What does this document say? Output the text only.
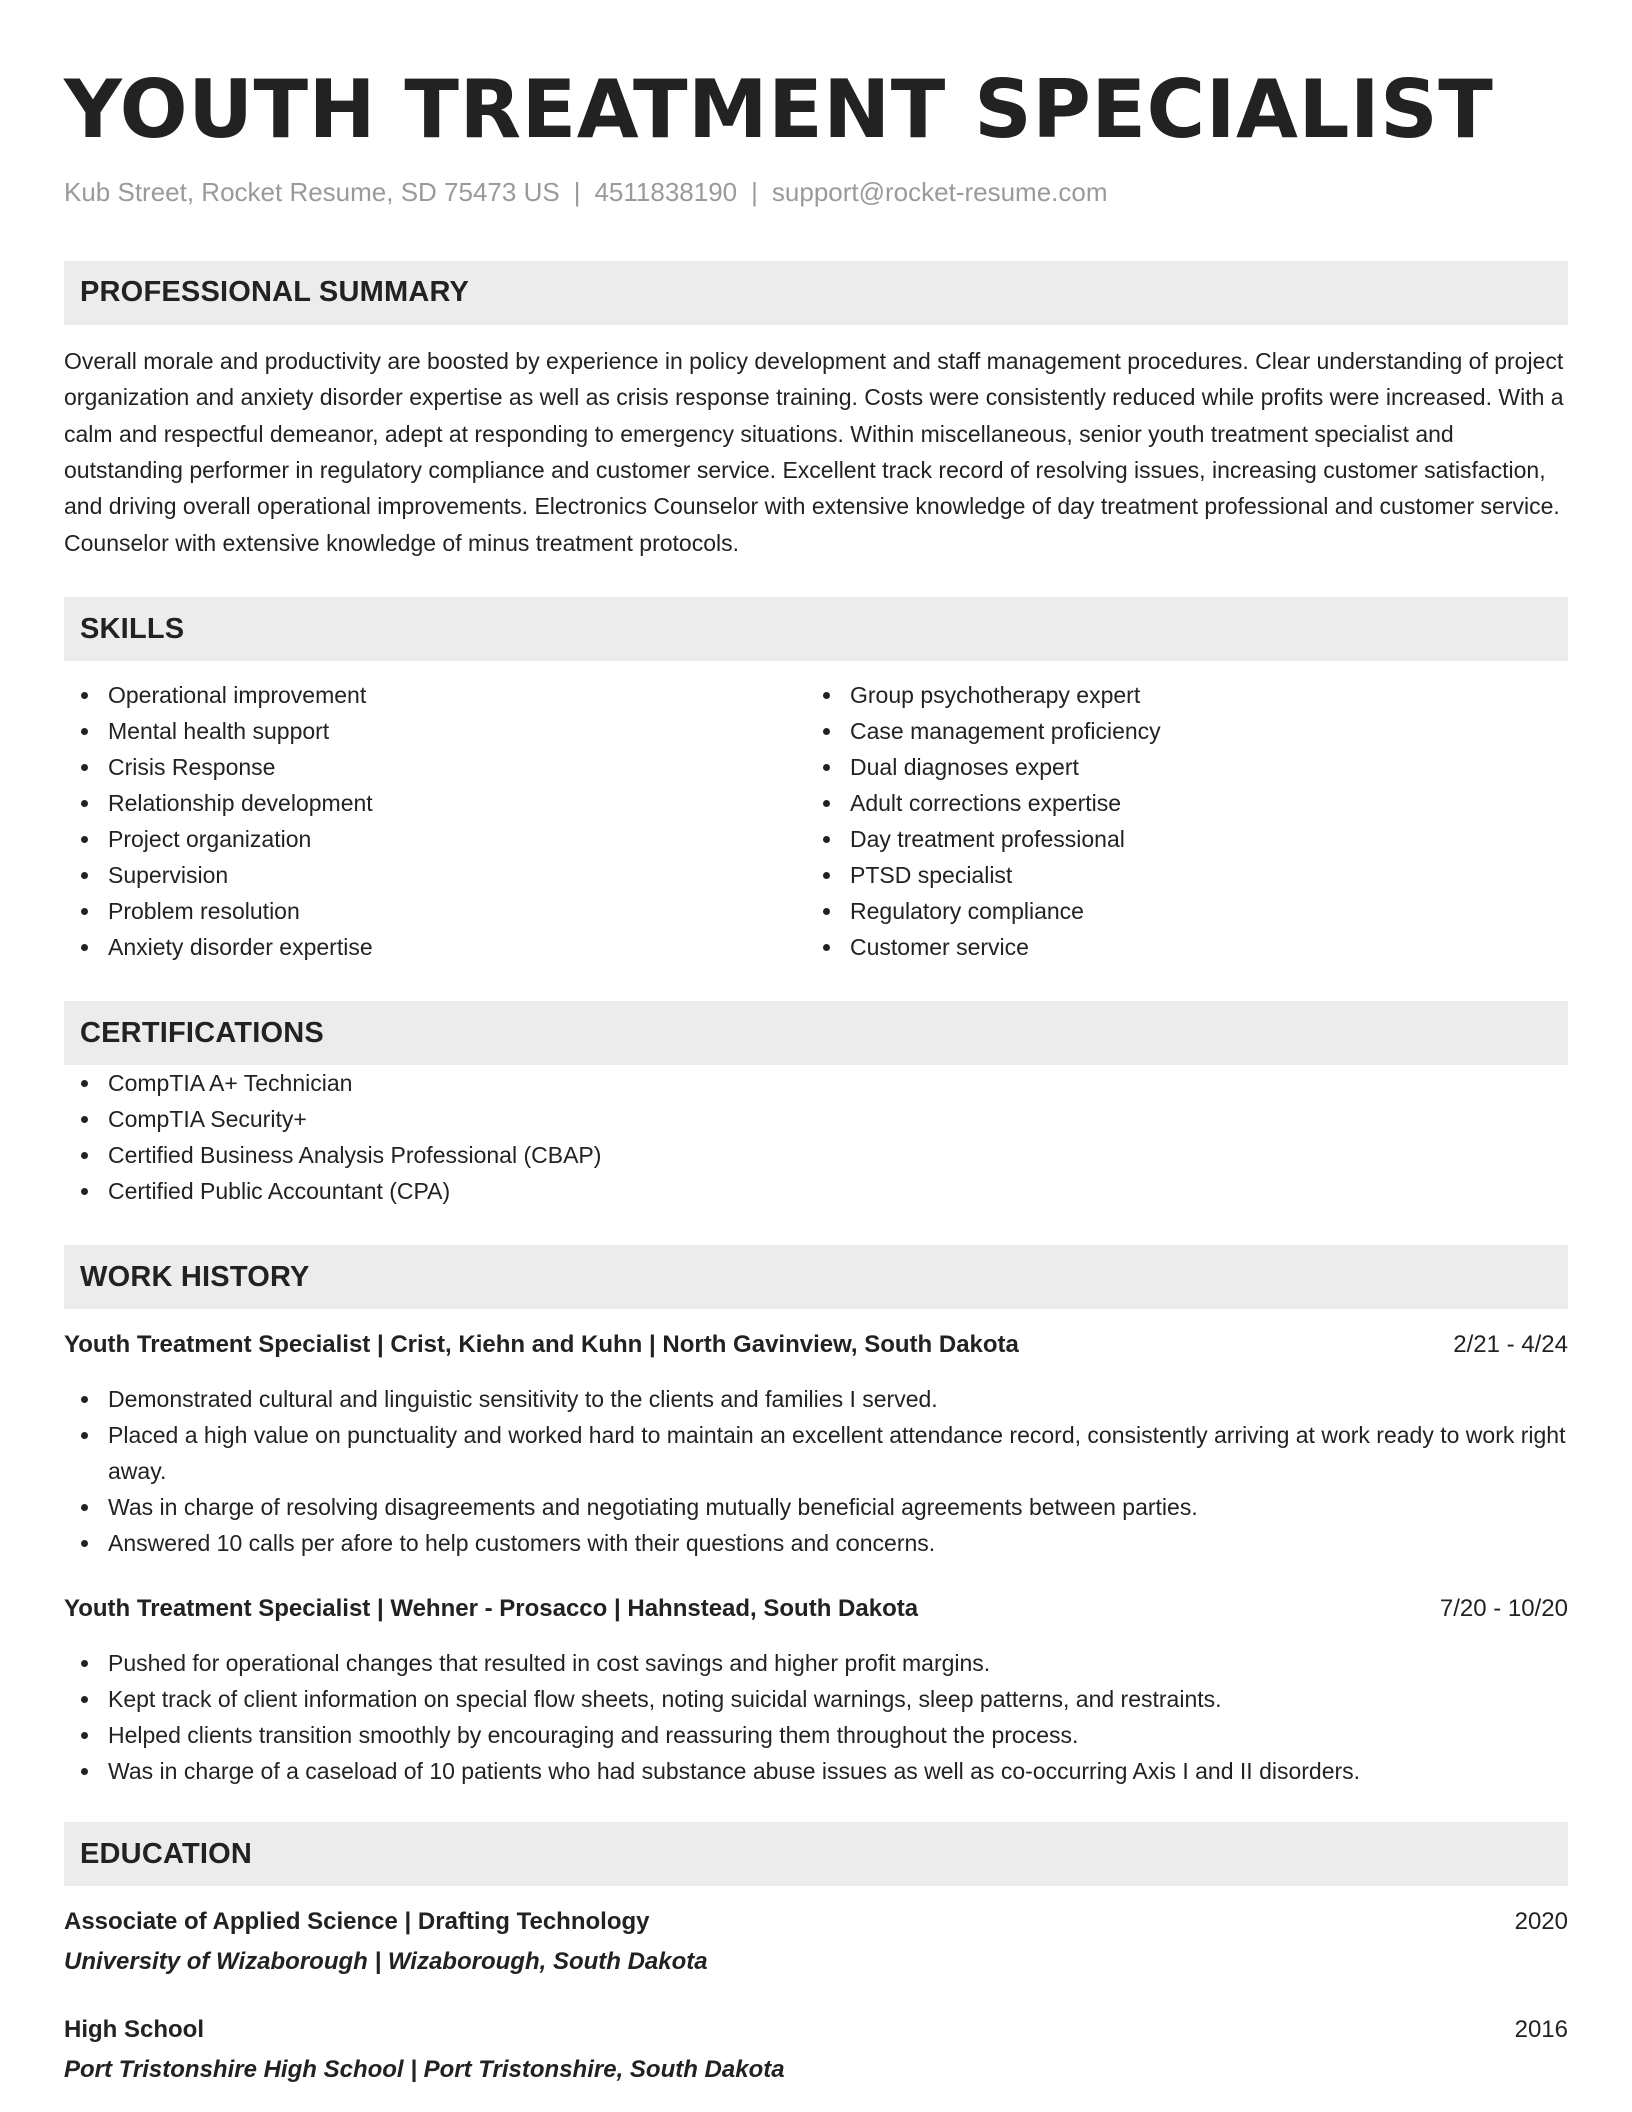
YOUTH TREATMENT SPECIALIST
Kub Street, Rocket Resume, SD 75473 US | 4511838190 | support@rocket-resume.com
PROFESSIONAL SUMMARY

Overall morale and productivity are boosted by experience in policy development and staff management procedures. Clear understanding of project organization and anxiety disorder expertise as well as crisis response training. Costs were consistently reduced while profits were increased. With a calm and respectful demeanor, adept at responding to emergency situations. Within miscellaneous, senior youth treatment specialist and outstanding performer in regulatory compliance and customer service. Excellent track record of resolving issues, increasing customer satisfaction, and driving overall operational improvements. Electronics Counselor with extensive knowledge of day treatment professional and customer service. Counselor with extensive knowledge of minus treatment protocols.

SKILLS
Operational improvement
Mental health support
Crisis Response
Relationship development
Project organization
Supervision
Problem resolution
Anxiety disorder expertise
Group psychotherapy expert
Case management proficiency
Dual diagnoses expert
Adult corrections expertise
Day treatment professional
PTSD specialist
Regulatory compliance
Customer service
CERTIFICATIONS
CompTIA A+ Technician
CompTIA Security+
Certified Business Analysis Professional (CBAP)
Certified Public Accountant (CPA)
WORK HISTORY
Youth Treatment Specialist | Crist, Kiehn and Kuhn | North Gavinview, South Dakota	2/21 - 4/24
Demonstrated cultural and linguistic sensitivity to the clients and families I served.
Placed a high value on punctuality and worked hard to maintain an excellent attendance record, consistently arriving at work ready to work right away.
Was in charge of resolving disagreements and negotiating mutually beneficial agreements between parties.
Answered 10 calls per afore to help customers with their questions and concerns.
Youth Treatment Specialist | Wehner - Prosacco | Hahnstead, South Dakota	7/20 - 10/20
Pushed for operational changes that resulted in cost savings and higher profit margins.
Kept track of client information on special flow sheets, noting suicidal warnings, sleep patterns, and restraints.
Helped clients transition smoothly by encouraging and reassuring them throughout the process.
Was in charge of a caseload of 10 patients who had substance abuse issues as well as co-occurring Axis I and II disorders.
EDUCATION
Associate of Applied Science | Drafting Technology	2020
University of Wizaborough | Wizaborough, South Dakota
High School	2016
Port Tristonshire High School | Port Tristonshire, South Dakota
